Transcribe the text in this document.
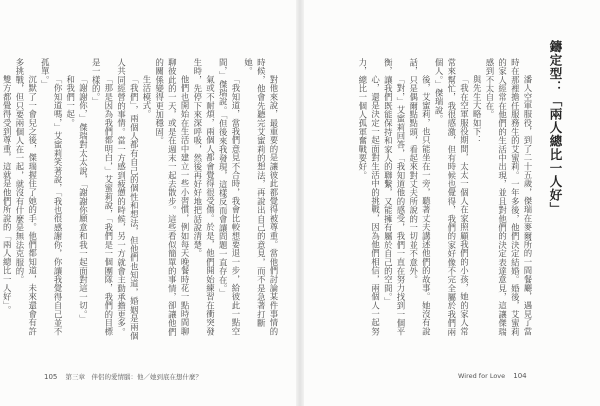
對他來說，最重要的是讓彼此都覺得被尊重。當他們討論某件事情的時候，他會先聽完艾蜜莉的想法，再說出自己的意見，而不是急著打斷她。

「我知道，當我們意見不合時，我會比較想要退一步，給彼此一點空間，」傑瑞說。「但後來我發現，這樣反而會讓問題一直存在。」

氣或不耐煩，兩個人都會覺得很受傷。於是，他們開始練習在衝突發生時，先停下來深呼吸，然後再好好地把話說清楚。

他們也開始在生活中建立一些小習慣，例如每天晚餐時花一點時間聊聊彼此的一天，或是在週末一起去散步。這些看似簡單的事情，卻讓他們的關係變得更加穩固。

生活模式。

「我們」，兩個人都有自己的個性和想法，但他們也知道，婚姻是兩個人共同經營的事情。當一方感到疲憊的時候，另一方就會主動承擔更多。

「那是因為我們都明白，」艾蜜莉說，「我們是一個團隊，我們的目標是一樣的。」

「謝謝你，」傑瑞對太太說，「謝謝你願意和我一起面對這一切。」

和我們一起。

「你知道嗎，」艾蜜莉笑著說，「我也很感謝你，你讓我覺得自己並不孤單。」

沉默了一會兒之後，傑瑞握住了她的手。他們都知道，未來還會有許多挑戰，但只要兩個人在一起，就沒有什麼是無法克服的。

雙方都覺得受到尊重，這就是他們所說的「兩人總比一人好」。	潘人空軍服役，到了二十五歲，傑瑞在麥爾所的一間餐廳，遇見了當時在那裡擔任服務生的艾蜜莉。一年多後，他們決定結婚。婚後，艾蜜莉的家人經常在他們的生活中出現，並且對他們的決定表達意見，這讓傑瑞感到不太自在。

與先生大略如下：

「我在空軍服役期間，太太一個人在家照顧我們的小孩，她的家人常常來幫忙，我很感激，但有時候也覺得，我們的家好像不完全屬於我們兩個人。」傑瑞說。

後，艾蜜莉，也只能坐在一旁，聽著丈夫講述他們的故事。她沒有說話，只是偶爾點點頭，看起來對丈夫所說的一切並不意外。

「對，」艾蜜莉回答，「我知道他的感受，我們一直在努力找到一個平衡，讓我們既能保持和家人的聯繫，又能擁有屬於自己的空間。」

心，還是決定一起面對生活中的挑戰，因為他們相信，兩個人一起努力，總比一個人孤軍奮戰要好。	鑄定型：「兩人總比一人好」
105 第三章　伴侶的愛情腦：他／她到底在想什麼？	Wired for Love 104
